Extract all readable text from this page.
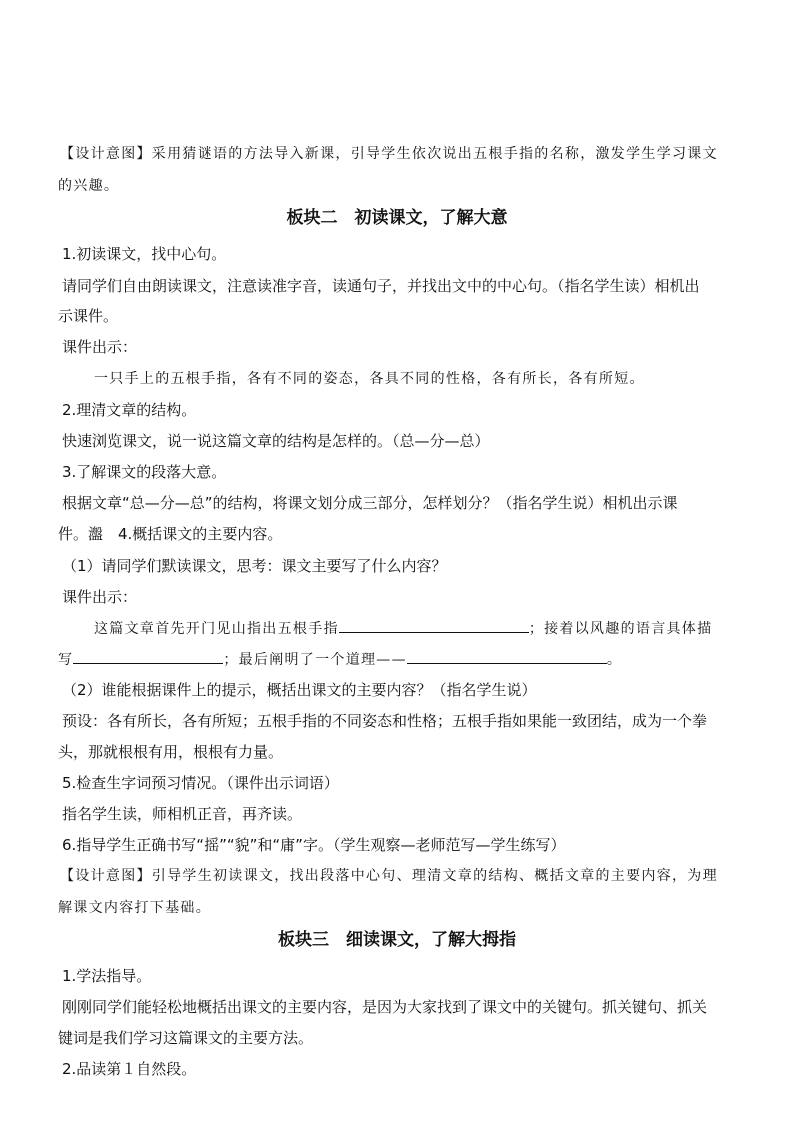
【设计意图】采用猜谜语的方法导入新课，引导学生依次说出五根手指的名称，激发学生学习课文
的兴趣。
板块二　初读课文，了解大意
1.初读课文，找中心句。
请同学们自由朗读课文，注意读准字音，读通句子，并找出文中的中心句。（指名学生读）相机出
示课件。
课件出示：
一只手上的五根手指，各有不同的姿态，各具不同的性格，各有所长，各有所短。
2.理清文章的结构。
快速浏览课文，说一说这篇文章的结构是怎样的。（总—分—总）
3.了解课文的段落大意。
根据文章“总—分—总”的结构，将课文划分成三部分，怎样划分？（指名学生说）相机出示课
件。瀊　4.概括课文的主要内容。
（1）请同学们默读课文，思考：课文主要写了什么内容？
课件出示：
这篇文章首先开门见山指出五根手指	；接着以风趣的语言具体描
写	；最后阐明了一个道理——	。
（2）谁能根据课件上的提示，概括出课文的主要内容？（指名学生说）
预设：各有所长，各有所短；五根手指的不同姿态和性格；五根手指如果能一致团结，成为一个拳
头，那就根根有用，根根有力量。
5.检查生字词预习情况。（课件出示词语）
指名学生读，师相机正音，再齐读。
6.指导学生正确书写“摇”“貌”和“庸”字。（学生观察—老师范写—学生练写）
【设计意图】引导学生初读课文，找出段落中心句、理清文章的结构、概括文章的主要内容，为理
解课文内容打下基础。
板块三　细读课文，了解大拇指
1.学法指导。
刚刚同学们能轻松地概括出课文的主要内容，是因为大家找到了课文中的关键句。抓关键句、抓关
键词是我们学习这篇课文的主要方法。
2.品读第１自然段。
